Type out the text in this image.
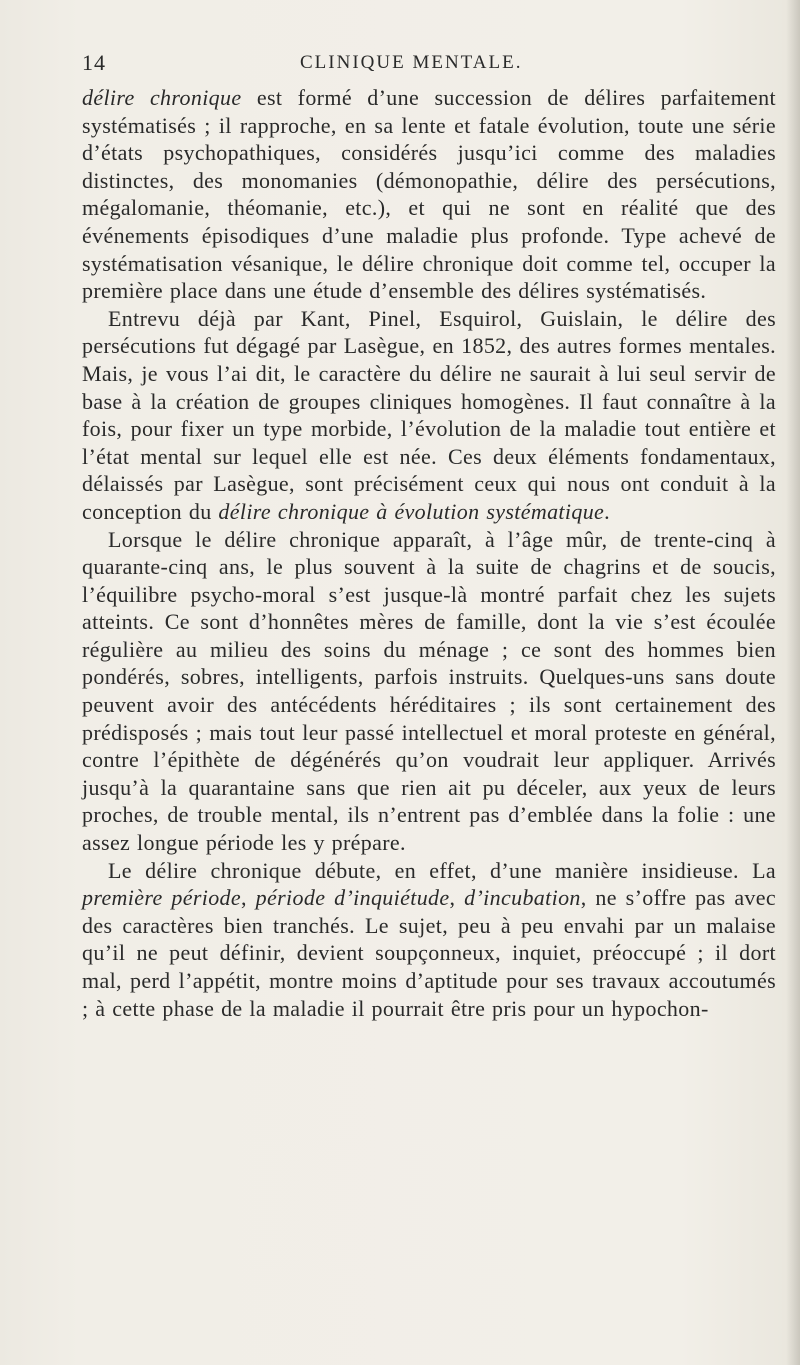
14	CLINIQUE MENTALE.

délire chronique est formé d’une succession de délires parfaitement systématisés ; il rapproche, en sa lente et fatale évolution, toute une série d’états psychopathiques, considérés jusqu’ici comme des maladies distinctes, des monomanies (démonopathie, délire des persécutions, mégalomanie, théomanie, etc.), et qui ne sont en réalité que des événements épisodiques d’une maladie plus profonde. Type achevé de systématisation vésanique, le délire chronique doit comme tel, occuper la première place dans une étude d’ensemble des délires systématisés.

Entrevu déjà par Kant, Pinel, Esquirol, Guislain, le délire des persécutions fut dégagé par Lasègue, en 1852, des autres formes mentales. Mais, je vous l’ai dit, le caractère du délire ne saurait à lui seul servir de base à la création de groupes cliniques homogènes. Il faut connaître à la fois, pour fixer un type morbide, l’évolution de la maladie tout entière et l’état mental sur lequel elle est née. Ces deux éléments fondamentaux, délaissés par Lasègue, sont précisément ceux qui nous ont conduit à la conception du délire chronique à évolution systématique.

Lorsque le délire chronique apparaît, à l’âge mûr, de trente-cinq à quarante-cinq ans, le plus souvent à la suite de chagrins et de soucis, l’équilibre psycho-moral s’est jusque-là montré parfait chez les sujets atteints. Ce sont d’honnêtes mères de famille, dont la vie s’est écoulée régulière au milieu des soins du ménage ; ce sont des hommes bien pondérés, sobres, intelligents, parfois instruits. Quelques-uns sans doute peuvent avoir des antécédents héréditaires ; ils sont certainement des prédisposés ; mais tout leur passé intellectuel et moral proteste en général, contre l’épithète de dégénérés qu’on voudrait leur appliquer. Arrivés jusqu’à la quarantaine sans que rien ait pu déceler, aux yeux de leurs proches, de trouble mental, ils n’entrent pas d’emblée dans la folie : une assez longue période les y prépare.

Le délire chronique débute, en effet, d’une manière insidieuse. La première période, période d’inquiétude, d’incubation, ne s’offre pas avec des caractères bien tranchés. Le sujet, peu à peu envahi par un malaise qu’il ne peut définir, devient soupçonneux, inquiet, préoccupé ; il dort mal, perd l’appétit, montre moins d’aptitude pour ses travaux accoutumés ; à cette phase de la maladie il pourrait être pris pour un hypochon-
